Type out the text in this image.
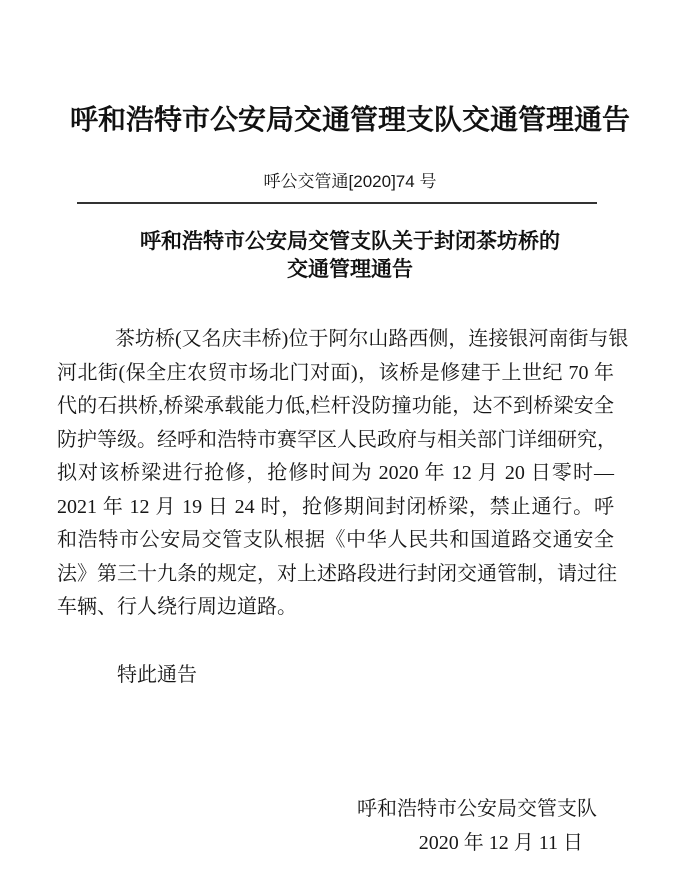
呼和浩特市公安局交通管理支队交通管理通告
呼公交管通[2020]74 号
呼和浩特市公安局交管支队关于封闭茶坊桥的
交通管理通告
茶坊桥(又名庆丰桥)位于阿尔山路西侧，连接银河南街与银
河北街(保全庄农贸市场北门对面)，该桥是修建于上世纪 70 年
代的石拱桥,桥梁承载能力低,栏杆没防撞功能，达不到桥梁安全
防护等级。经呼和浩特市赛罕区人民政府与相关部门详细研究，
拟对该桥梁进行抢修，抢修时间为 2020 年 12 月 20 日零时—
2021 年 12 月 19 日 24 时，抢修期间封闭桥梁，禁止通行。呼
和浩特市公安局交管支队根据《中华人民共和国道路交通安全
法》第三十九条的规定，对上述路段进行封闭交通管制，请过往
车辆、行人绕行周边道路。
特此通告
呼和浩特市公安局交管支队
2020 年 12 月 11 日
